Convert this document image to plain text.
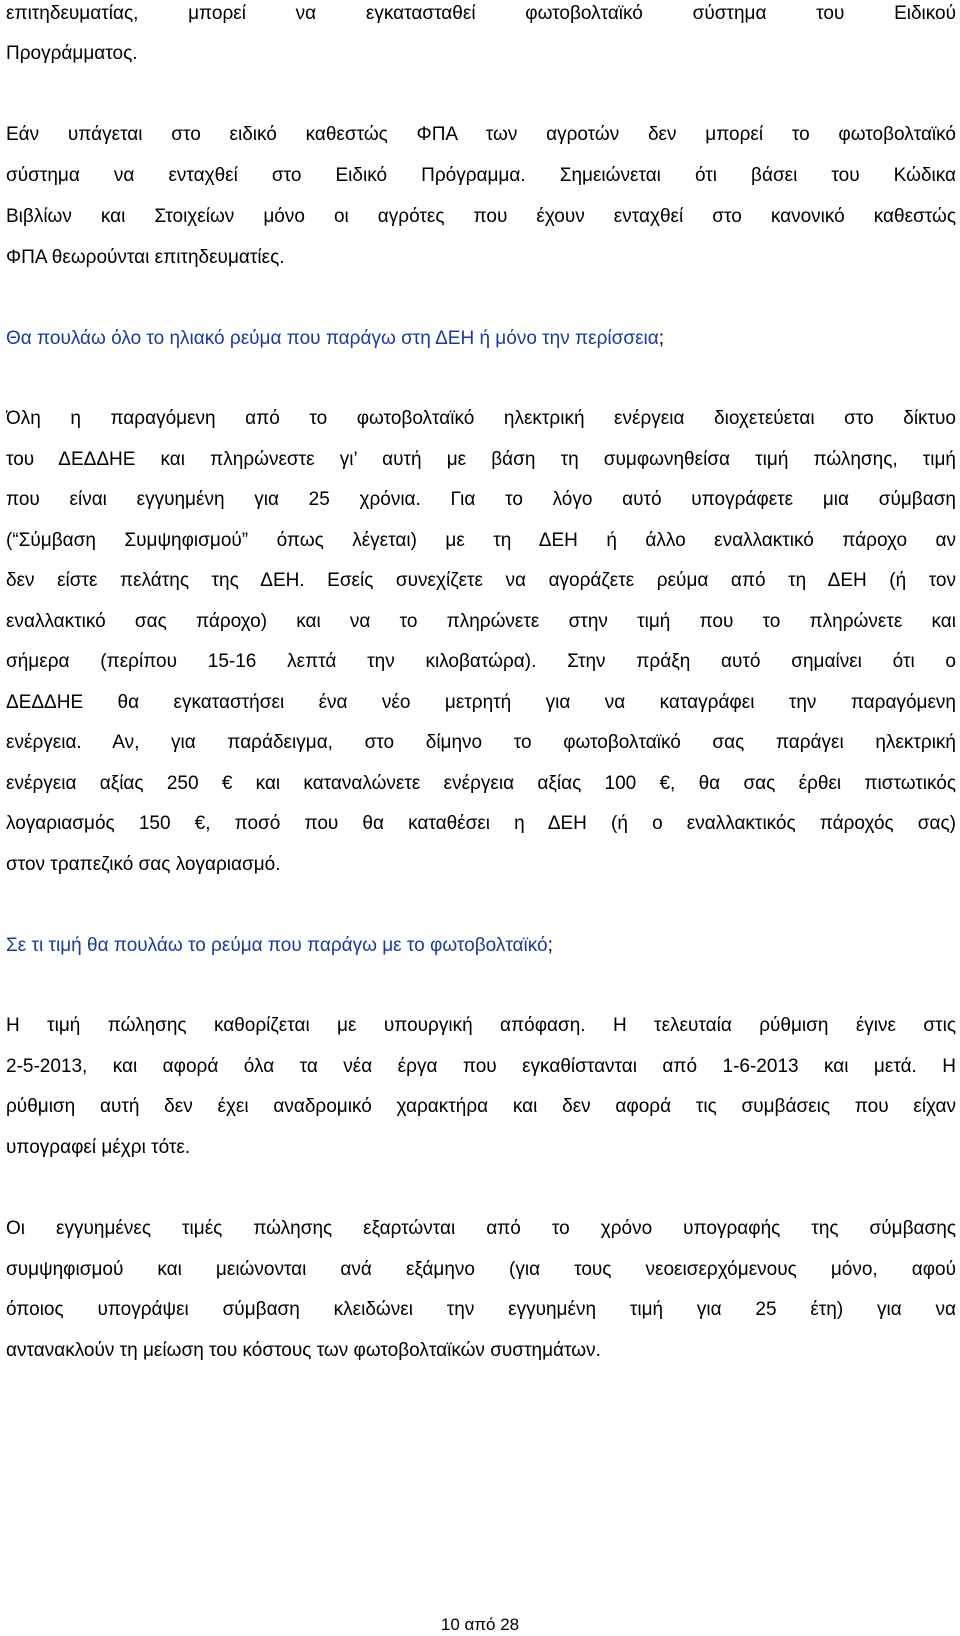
επιτηδευματίας, μπορεί να εγκατασταθεί φωτοβολταϊκό σύστημα του Ειδικού
Προγράμματος.
Εάν υπάγεται στο ειδικό καθεστώς ΦΠΑ των αγροτών δεν μπορεί το φωτοβολταϊκό
σύστημα να ενταχθεί στο Ειδικό Πρόγραμμα. Σημειώνεται ότι βάσει του Κώδικα
Βιβλίων και Στοιχείων μόνο οι αγρότες που έχουν ενταχθεί στο κανονικό καθεστώς
ΦΠΑ θεωρούνται επιτηδευματίες.
Θα πουλάω όλο το ηλιακό ρεύμα που παράγω στη ΔΕΗ ή μόνο την περίσσεια;
Όλη η παραγόμενη από το φωτοβολταϊκό ηλεκτρική ενέργεια διοχετεύεται στο δίκτυο
του ΔΕΔΔΗΕ και πληρώνεστε γι’ αυτή με βάση τη συμφωνηθείσα τιμή πώλησης, τιμή
που είναι εγγυημένη για 25 χρόνια. Για το λόγο αυτό υπογράφετε μια σύμβαση
(“Σύμβαση Συμψηφισμού” όπως λέγεται) με τη ΔΕΗ ή άλλο εναλλακτικό πάροχο αν
δεν είστε πελάτης της ΔΕΗ. Εσείς συνεχίζετε να αγοράζετε ρεύμα από τη ΔΕΗ (ή τον
εναλλακτικό σας πάροχο) και να το πληρώνετε στην τιμή που το πληρώνετε και
σήμερα (περίπου 15-16 λεπτά την κιλοβατώρα). Στην πράξη αυτό σημαίνει ότι ο
ΔΕΔΔΗΕ θα εγκαταστήσει ένα νέο μετρητή για να καταγράφει την παραγόμενη
ενέργεια. Αν, για παράδειγμα, στο δίμηνο το φωτοβολταϊκό σας παράγει ηλεκτρική
ενέργεια αξίας 250 € και καταναλώνετε ενέργεια αξίας 100 €, θα σας έρθει πιστωτικός
λογαριασμός 150 €, ποσό που θα καταθέσει η ΔΕΗ (ή ο εναλλακτικός πάροχός σας)
στον τραπεζικό σας λογαριασμό.
Σε τι τιμή θα πουλάω το ρεύμα που παράγω με το φωτοβολταϊκό;
Η τιμή πώλησης καθορίζεται με υπουργική απόφαση. Η τελευταία ρύθμιση έγινε στις
2-5-2013, και αφορά όλα τα νέα έργα που εγκαθίστανται από 1-6-2013 και μετά. Η
ρύθμιση αυτή δεν έχει αναδρομικό χαρακτήρα και δεν αφορά τις συμβάσεις που είχαν
υπογραφεί μέχρι τότε.
Οι εγγυημένες τιμές πώλησης εξαρτώνται από το χρόνο υπογραφής της σύμβασης
συμψηφισμού και μειώνονται ανά εξάμηνο (για τους νεοεισερχόμενους μόνο, αφού
όποιος υπογράψει σύμβαση κλειδώνει την εγγυημένη τιμή για 25 έτη) για να
αντανακλούν τη μείωση του κόστους των φωτοβολταϊκών συστημάτων.
10 από 28
